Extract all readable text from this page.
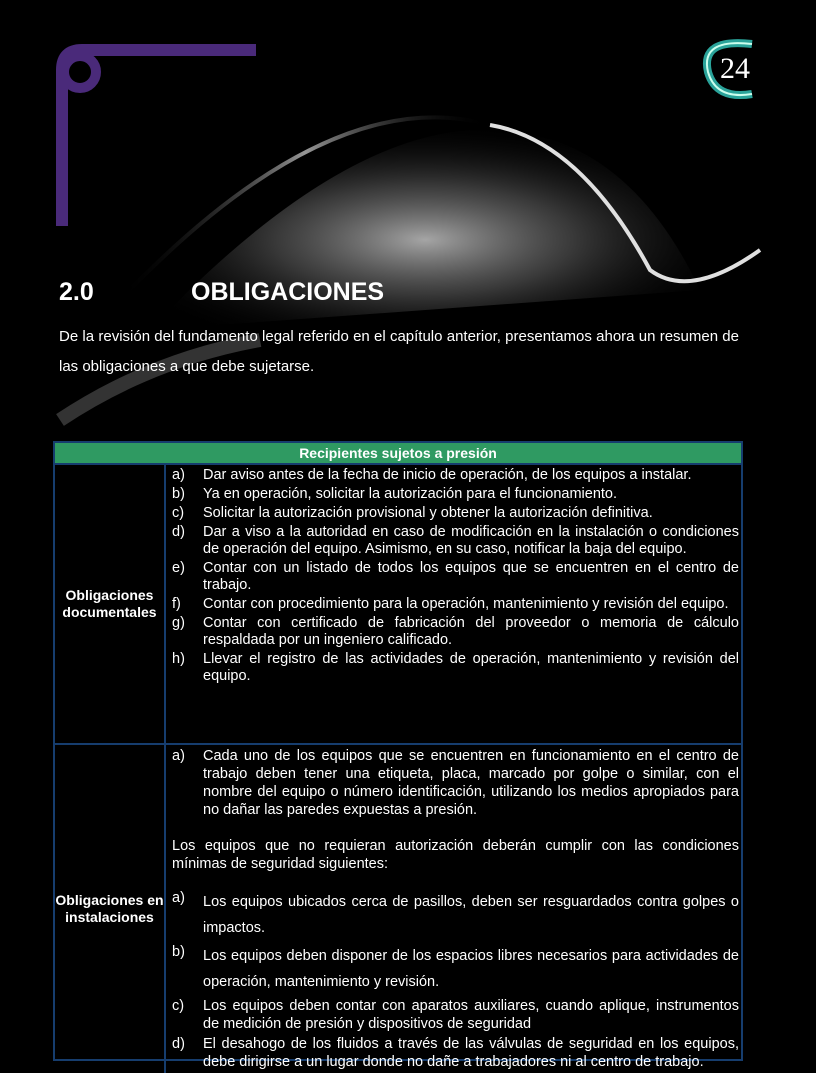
24
2.0	OBLIGACIONES
De la revisión del fundamento legal referido en el capítulo anterior, presentamos ahora un resumen de las obligaciones a que debe sujetarse.
Recipientes sujetos a presión
Obligaciones documentales
a)	Dar aviso antes de la fecha de inicio de operación, de los equipos a instalar.
b)	Ya en operación, solicitar la autorización para el funcionamiento.
c)	Solicitar la autorización provisional y obtener la autorización definitiva.
d)	Dar a viso a la autoridad en caso de modificación en la instalación o condiciones de operación del equipo. Asimismo, en su caso, notificar la baja del equipo.
e)	Contar con un listado de todos los equipos que se encuentren en el centro de trabajo.
f)	Contar con procedimiento para la operación, mantenimiento y revisión del equipo.
g)	Contar con certificado de fabricación del proveedor o memoria de cálculo respaldada por un ingeniero calificado.
h)	Llevar el registro de las actividades de operación, mantenimiento y revisión del equipo.
Obligaciones en instalaciones
a)	Cada uno de los equipos que se encuentren en funcionamiento en el centro de trabajo deben tener una etiqueta, placa, marcado por golpe o similar, con el nombre del equipo o número identificación, utilizando los medios apropiados para no dañar las paredes expuestas a presión.
Los equipos que no requieran autorización deberán cumplir con las condiciones mínimas de seguridad siguientes:
a)	Los equipos ubicados cerca de pasillos, deben ser resguardados contra golpes o impactos.
b)	Los equipos deben disponer de los espacios libres necesarios para actividades de operación, mantenimiento y revisión.
c)	Los equipos deben contar con aparatos auxiliares, cuando aplique, instrumentos de medición de presión y dispositivos de seguridad
d)	El desahogo de los fluidos a través de las válvulas de seguridad en los equipos, debe dirigirse a un lugar donde no dañe a trabajadores ni al centro de trabajo.
